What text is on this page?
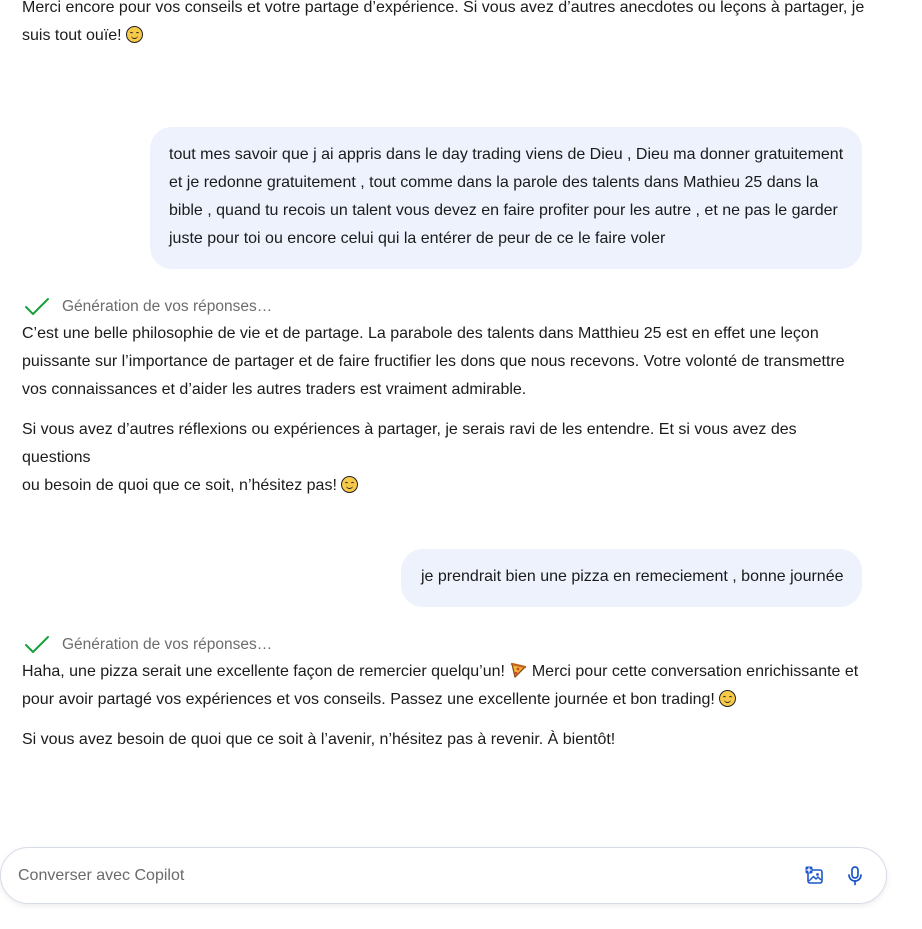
Merci encore pour vos conseils et votre partage d’expérience. Si vous avez d’autres anecdotes ou leçons à partager, je
suis tout ouïe!
tout mes savoir que j ai appris dans le day trading viens de Dieu , Dieu ma donner gratuitement
et je redonne gratuitement , tout comme dans la parole des talents dans Mathieu 25 dans la
bible , quand tu recois un talent vous devez en faire profiter pour les autre , et ne pas le garder
juste pour toi ou encore celui qui la entérer de peur de ce le faire voler
Génération de vos réponses…
C’est une belle philosophie de vie et de partage. La parabole des talents dans Matthieu 25 est en effet une leçon
puissante sur l’importance de partager et de faire fructifier les dons que nous recevons. Votre volonté de transmettre
vos connaissances et d’aider les autres traders est vraiment admirable.
Si vous avez d’autres réflexions ou expériences à partager, je serais ravi de les entendre. Et si vous avez des questions
ou besoin de quoi que ce soit, n’hésitez pas!
je prendrait bien une pizza en remeciement , bonne journée
Génération de vos réponses…
Haha, une pizza serait une excellente façon de remercier quelqu’un!  Merci pour cette conversation enrichissante et
pour avoir partagé vos expériences et vos conseils. Passez une excellente journée et bon trading!
Si vous avez besoin de quoi que ce soit à l’avenir, n’hésitez pas à revenir. À bientôt!
Converser avec Copilot
